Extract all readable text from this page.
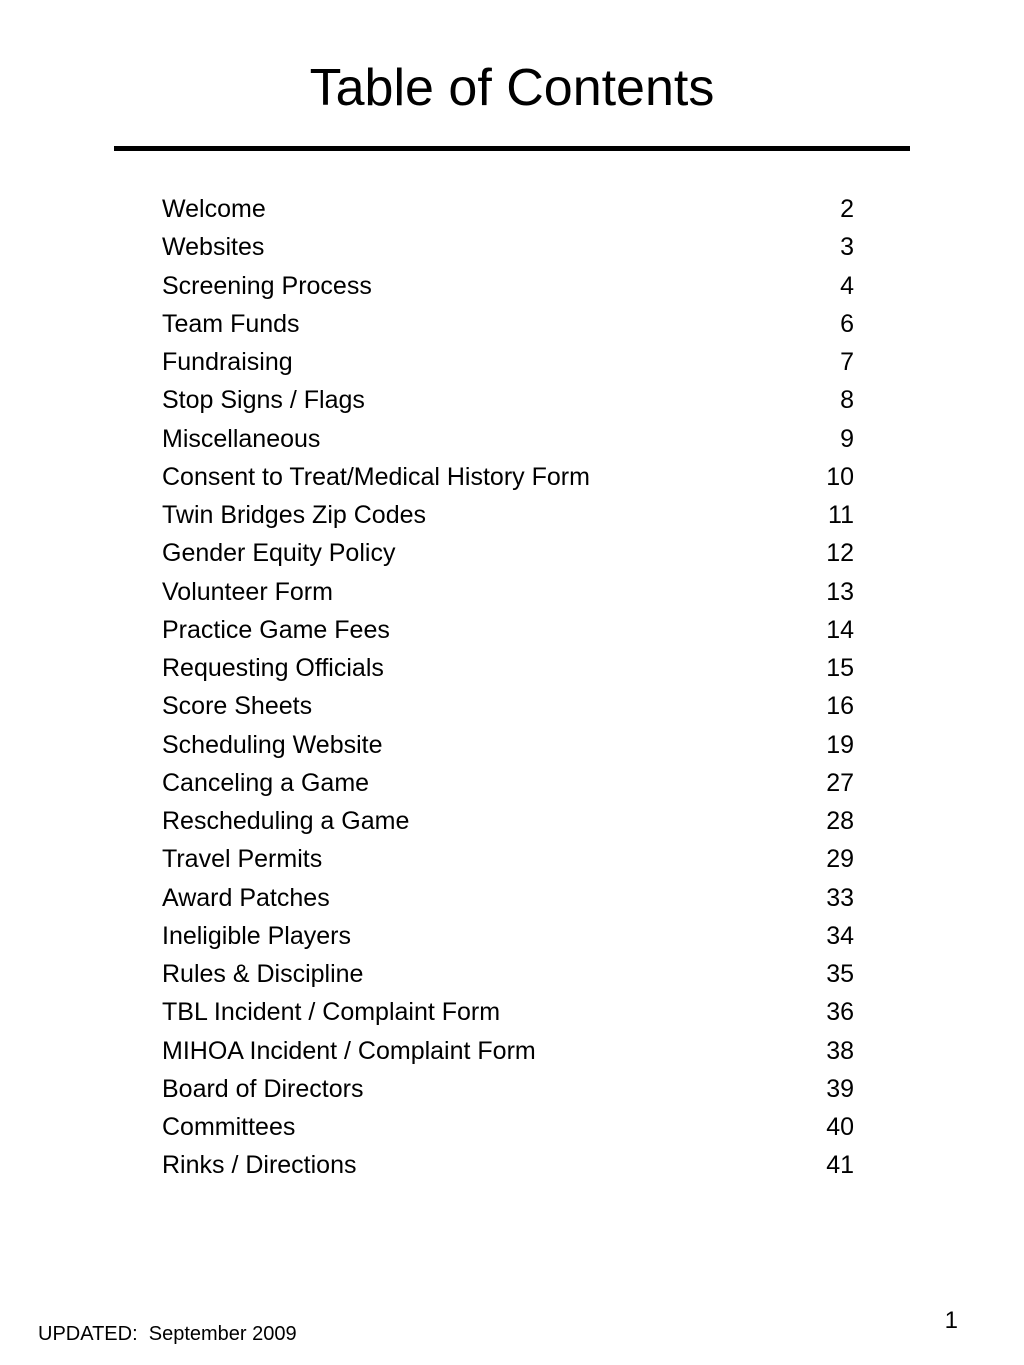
Table of Contents
Welcome	2
Websites	3
Screening Process	4
Team Funds	6
Fundraising	7
Stop Signs / Flags	8
Miscellaneous	9
Consent to Treat/Medical History Form	10
Twin Bridges Zip Codes	11
Gender Equity Policy	12
Volunteer Form	13
Practice Game Fees	14
Requesting Officials	15
Score Sheets	16
Scheduling Website	19
Canceling a Game	27
Rescheduling a Game	28
Travel Permits	29
Award Patches	33
Ineligible Players	34
Rules & Discipline	35
TBL Incident / Complaint Form	36
MIHOA Incident / Complaint Form	38
Board of Directors	39
Committees	40
Rinks / Directions	41
1
UPDATED:  September 2009
